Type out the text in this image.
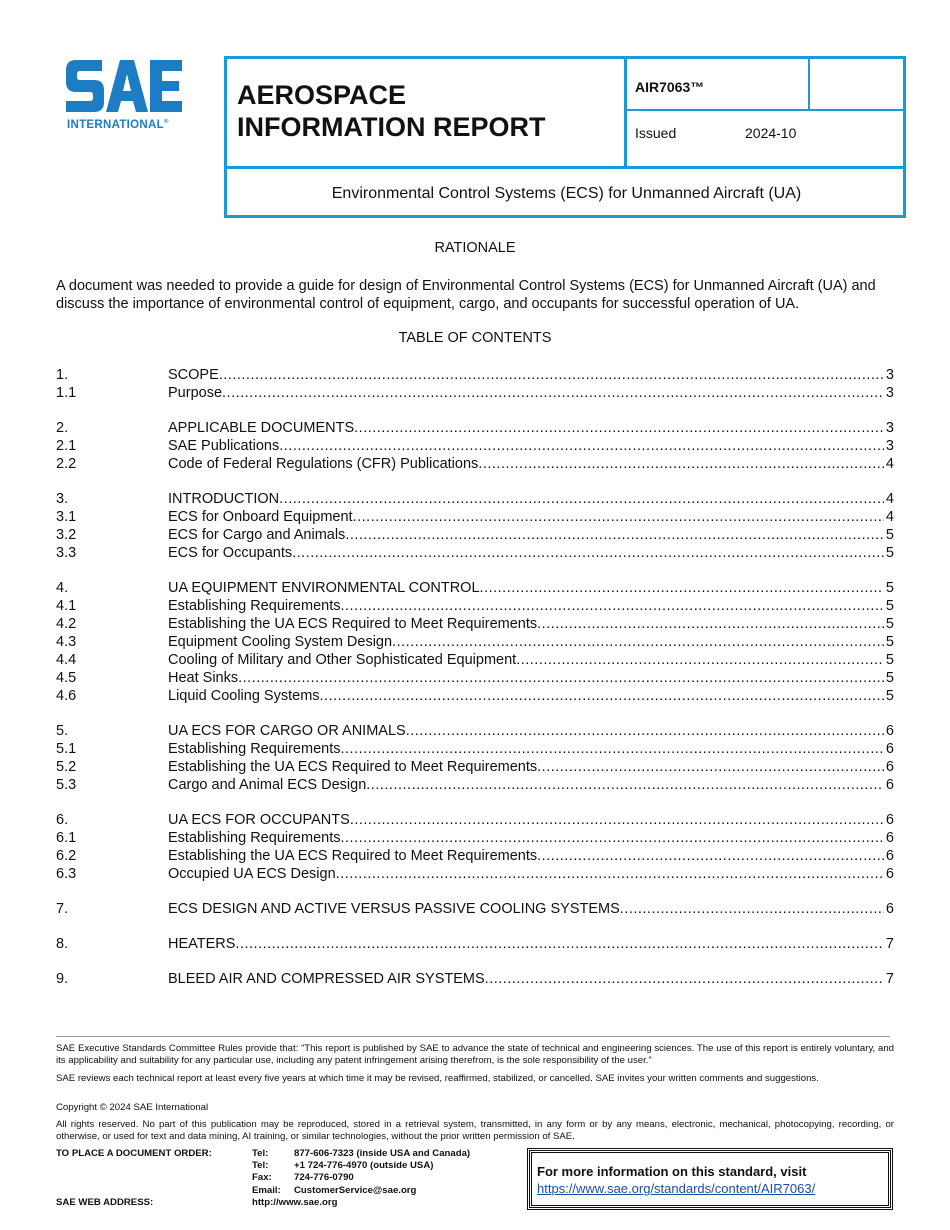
INTERNATIONAL®
AEROSPACE
INFORMATION REPORT
AIR7063™
Issued	2024-10
Environmental Control Systems (ECS) for Unmanned Aircraft (UA)
RATIONALE
A document was needed to provide a guide for design of Environmental Control Systems (ECS) for Unmanned Aircraft (UA) and discuss the importance of environmental control of equipment, cargo, and occupants for successful operation of UA.
TABLE OF CONTENTS
1.	SCOPE .....	3
1.1	Purpose .....	3
2.	APPLICABLE DOCUMENTS .....	3
2.1	SAE Publications .....	3
2.2	Code of Federal Regulations (CFR) Publications .....	4
3.	INTRODUCTION .....	4
3.1	ECS for Onboard Equipment .....	4
3.2	ECS for Cargo and Animals .....	5
3.3	ECS for Occupants .....	5
4.	UA EQUIPMENT ENVIRONMENTAL CONTROL .....	5
4.1	Establishing Requirements .....	5
4.2	Establishing the UA ECS Required to Meet Requirements .....	5
4.3	Equipment Cooling System Design .....	5
4.4	Cooling of Military and Other Sophisticated Equipment .....	5
4.5	Heat Sinks .....	5
4.6	Liquid Cooling Systems .....	5
5.	UA ECS FOR CARGO OR ANIMALS .....	6
5.1	Establishing Requirements .....	6
5.2	Establishing the UA ECS Required to Meet Requirements .....	6
5.3	Cargo and Animal ECS Design .....	6
6.	UA ECS FOR OCCUPANTS .....	6
6.1	Establishing Requirements .....	6
6.2	Establishing the UA ECS Required to Meet Requirements .....	6
6.3	Occupied UA ECS Design .....	6
7.	ECS DESIGN AND ACTIVE VERSUS PASSIVE COOLING SYSTEMS .....	6
8.	HEATERS .....	7
9.	BLEED AIR AND COMPRESSED AIR SYSTEMS .....	7
SAE Executive Standards Committee Rules provide that: “This report is published by SAE to advance the state of technical and engineering sciences. The use of this report is entirely voluntary, and its applicability and suitability for any particular use, including any patent infringement arising therefrom, is the sole responsibility of the user.”
SAE reviews each technical report at least every five years at which time it may be revised, reaffirmed, stabilized, or cancelled. SAE invites your written comments and suggestions.
Copyright © 2024 SAE International
All rights reserved. No part of this publication may be reproduced, stored in a retrieval system, transmitted, in any form or by any means, electronic, mechanical, photocopying, recording, or otherwise, or used for text and data mining, AI training, or similar technologies, without the prior written permission of SAE.
TO PLACE A DOCUMENT ORDER:
SAE WEB ADDRESS:
Tel:	877-606-7323 (inside USA and Canada)
Tel:	+1 724-776-4970 (outside USA)
Fax: 724-776-0790
Email: CustomerService@sae.org
http://www.sae.org
For more information on this standard, visit
https://www.sae.org/standards/content/AIR7063/
